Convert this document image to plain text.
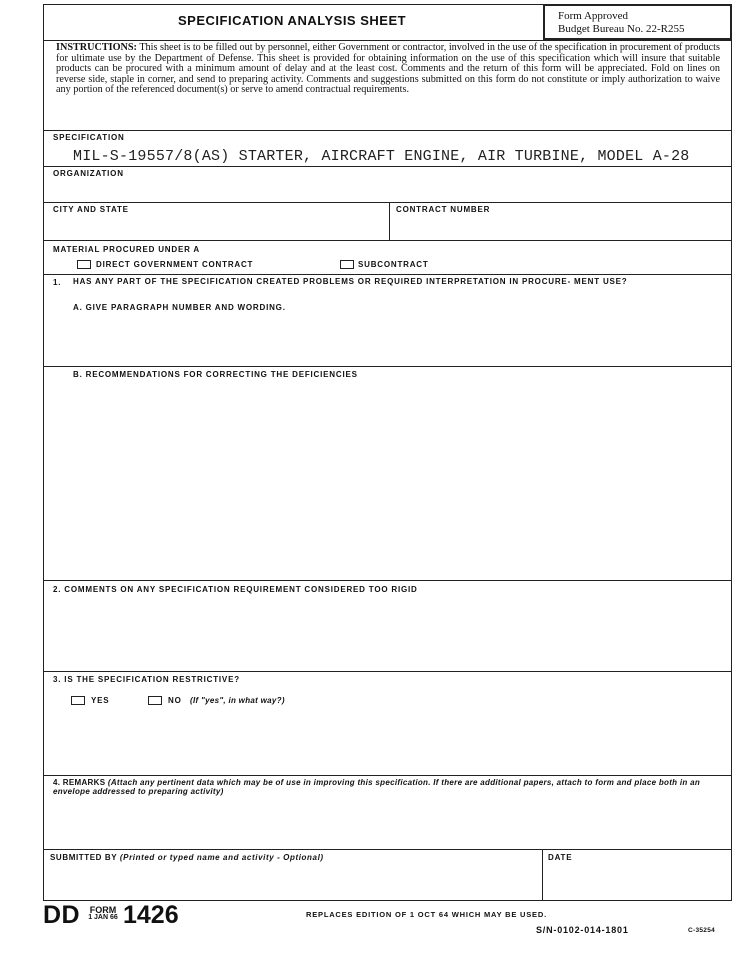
SPECIFICATION ANALYSIS SHEET	Form Approved
Budget Bureau No. 22-R255
INSTRUCTIONS: This sheet is to be filled out by personnel, either Government or contractor, involved in the use of the specification in procurement of products for ultimate use by the Department of Defense. This sheet is provided for obtaining information on the use of this specification which will insure that suitable products can be procured with a minimum amount of delay and at the least cost. Comments and the return of this form will be appreciated. Fold on lines on reverse side, staple in corner, and send to preparing activity. Comments and suggestions submitted on this form do not constitute or imply authorization to waive any portion of the referenced document(s) or serve to amend contractual requirements.
SPECIFICATION
MIL-S-19557/8(AS) STARTER, AIRCRAFT ENGINE, AIR TURBINE, MODEL A-28
ORGANIZATION
CITY AND STATE	CONTRACT NUMBER
MATERIAL PROCURED UNDER A
DIRECT GOVERNMENT CONTRACT	SUBCONTRACT
1. HAS ANY PART OF THE SPECIFICATION CREATED PROBLEMS OR REQUIRED INTERPRETATION IN PROCURE- MENT USE?
A. GIVE PARAGRAPH NUMBER AND WORDING.
B. RECOMMENDATIONS FOR CORRECTING THE DEFICIENCIES
2. COMMENTS ON ANY SPECIFICATION REQUIREMENT CONSIDERED TOO RIGID
3. IS THE SPECIFICATION RESTRICTIVE?
YES	NO (If "yes", in what way?)
4. REMARKS (Attach any pertinent data which may be of use in improving this specification. If there are additional papers, attach to form and place both in an envelope addressed to preparing activity)
SUBMITTED BY (Printed or typed name and activity - Optional)	DATE
DD	FORM
1 JAN 66 1426	REPLACES EDITION OF 1 OCT 64 WHICH MAY BE USED.
S/N-0102-014-1801	C-35254
